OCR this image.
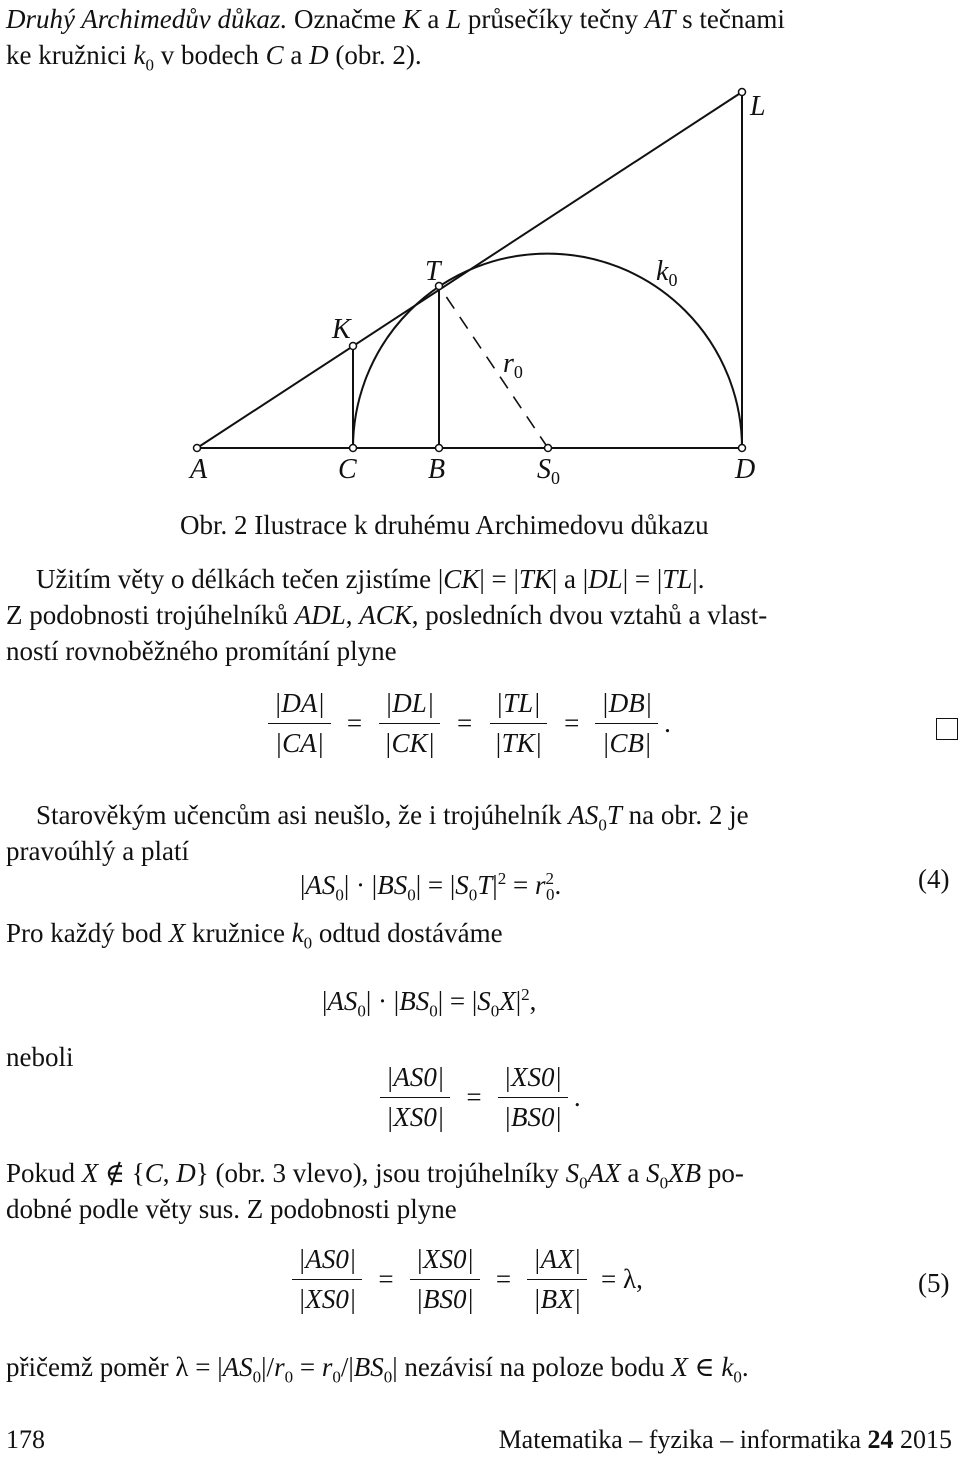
Druhý Archimedův důkaz. Označme K a L průsečíky tečny AT s tečnami
ke kružnici $k_0$ v bodech C a D (obr. 2).
A	C	B	$S_0$	D
K
T
L
$k_0$
$r_0$
Obr. 2 Ilustrace k druhému Archimedovu důkazu
Užitím věty o délkách tečen zjistíme |CK| = |TK| a |DL| = |TL|.
Z podobnosti trojúhelníků ADL, ACK, posledních dvou vztahů a vlast-
ností rovnoběžného promítání plyne
$\frac{|DA|}{|CA|} = \frac{|DL|}{|CK|} = \frac{|TL|}{|TK|} = \frac{|DB|}{|CB|}$ .
Starověkým učencům asi neušlo, že i trojúhelník $AS_0T$ na obr. 2 je
pravoúhlý a platí
$|AS_0| \cdot |BS_0| = |S_0T|^2 = r^2_0$.	(4)
Pro každý bod X kružnice $k_0$ odtud dostáváme
$|AS_0| \cdot |BS_0| = |S_0X|^2$,
neboli
$\frac{|AS0|}{|XS0|} = \frac{|XS0|}{|BS0|}$ .
Pokud X ∉ {C, D} (obr. 3 vlevo), jsou trojúhelníky $S_0AX$ a $S_0XB$ po-
dobné podle věty sus. Z podobnosti plyne
$\frac{|AS0|}{|XS0|} = \frac{|XS0|}{|BS0|} = \frac{|AX|}{|BX|} = \lambda$,	(5)
přičemž poměr $\lambda = |AS_0|/r_0 = r_0/|BS_0|$ nezávisí na poloze bodu X ∈ $k_0$.
178	Matematika – fyzika – informatika 24 2015
